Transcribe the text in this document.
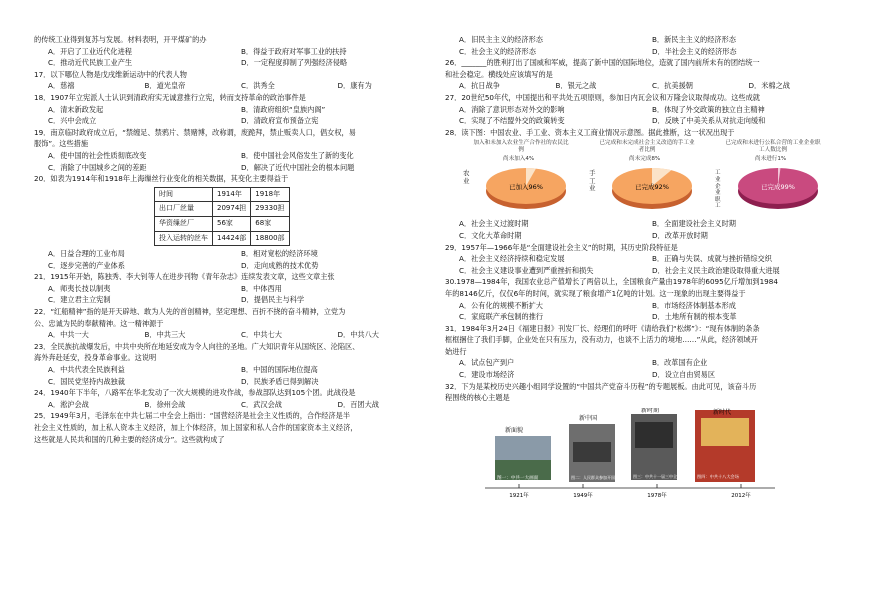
的传统工业得到复苏与发展。材料表明，开平煤矿的办

A．开启了工业近代化进程	B．得益于政府对军事工业的扶持
C．推动近代民族工业产生	D．一定程度抑制了列强经济侵略

17．以下哪位人物是戊戌维新运动中的代表人物

A．慈禧	B．道光皇帝	C．洪秀全	D．康有为

18．1907年立宪派人士认识到清政府实无诚意推行立宪，转而支持革命的政治事件是

A．清末新政发起	B．清政府组织“皇族内阁”
C．兴中会成立	D．清政府宣布预备立宪

19．南京临时政府成立后，“禁缠足、禁鸦片、禁赌博，改称谓，废跪拜，禁止贩卖人口，倡女权，易

服饰”。这些措施

A．使中国的社会性质彻底改变	B．使中国社会风俗发生了新的变化
C．消除了中国城乡之间的差距	D．解决了近代中国社会的根本问题

20．如表为1914年和1918年上海缫丝行业变化的相关数据，其变化主要得益于

时间	1914年	1918年
出口厂丝量	20974担	29330担
华资缫丝厂	56家	68家
投入运转的丝车	14424部	18800部
A．日益合理的工业布局	B．相对宽松的经济环境
C．逐步完善的产业体系	D．走向成熟的技术优势

21．1915年开始，陈独秀、李大钊等人在进步刊物《青年杂志》连续发表文章，这些文章主张

A．师夷长技以制夷	B．中体西用
C．建立君主立宪制	D．提倡民主与科学

22．“红船精神”指的是开天辟地、敢为人先的首创精神，坚定理想、百折不挠的奋斗精神，立党为

公、忠诚为民的奉献精神。这一精神源于

A．中共一大	B．中共三大	C．中共七大	D．中共八大

23．全民族抗战爆发后，中共中央所在地延安成为令人向往的圣地。广大知识青年从国统区、沦陷区、

海外奔赴延安，投身革命事业。这说明

A．中共代表全民族利益	B．中国的国际地位提高
C．国民党坚持内战独裁	D．民族矛盾已得到解决

24．1940年下半年，八路军在华北发动了一次大规模的进攻作战，参战部队达到105个团。此战役是

A．淞沪会战	B．徐州会战	C．武汉会战	D．百团大战

25．1949年3月，毛泽东在中共七届二中全会上指出：“国营经济是社会主义性质的，合作经济是半

社会主义性质的，加上私人资本主义经济，加上个体经济，加上国家和私人合作的国家资本主义经济，

这些就是人民共和国的几种主要的经济成分”。这些就构成了

A．旧民主主义的经济形态	B．新民主主义的经济形态
C．社会主义的经济形态	D．半社会主义的经济形态

26．_______的胜利打出了国威和军威，提高了新中国的国际地位，造就了国内前所未有的团结统一

和社会稳定。横线处应该填写的是

A．抗日战争	B．银元之战	C．抗美援朝	D．米棉之战

27．20世纪50年代，中国提出和平共处五项原则，参加日内瓦会议和万隆会议取得成功。这些成就

A．消除了意识形态对外交的影响	B．体现了外交政策的独立自主精神
C．实现了不结盟外交的政策转变	D．反映了中美关系从对抗走向缓和

28．读下图：中国农业、手工业、资本主义工商业情况示意图。据此推断，这一状况出现于

加入和未加入农业生产合作社的农民比例
尚未加入4%
农业
已加入96%
已完成和未完成社会主义改造的手工业者比例
尚未完成8%
手工业	已完成92%
已完成和未进行公私合营的工业企业职工人数比例
尚未进行1%
工业企业职工
已完成99%
A．社会主义过渡时期	B．全面建设社会主义时期
C．文化大革命时期	D．改革开放时期

29．1957年—1966年是“全面建设社会主义”的时期，其历史阶段特征是

A．社会主义经济持续和稳定发展	B．正确与失误、成就与挫折错综交织
C．社会主义建设事业遭到严重挫折和损失	D．社会主义民主政治建设取得重大进展

30.1978—1984年，我国农业总产值增长了两倍以上，全国粮食产量由1978年的6095亿斤增加到1984

年的8146亿斤，仅仅6年的时间，就实现了粮食增产1亿吨的计划。这一现象的出现主要得益于

A．公有化的规模不断扩大	B．市场经济体制基本形成
C．家庭联产承包制的推行	D．土地所有制的根本变革

31．1984年3月24日《福建日报》刊发厂长、经理们的呼吁《请给我们“松绑”》：“现有体制的条条

框框捆住了我们手脚，企业处在只有压力，没有动力，也谈不上活力的境地……”从此，经济领域开

始进行

A．试点包产到户	B．改革国有企业
C．建设市场经济	D．设立自由贸易区

32．下为是某校历史兴趣小组同学设置的“中国共产党奋斗历程”的专题展板。由此可见，该奋斗历

程围绕的核心主题是

新面貌
新中国
新时期	新时代
图一：中共一大画面	图二：人民群众参加开国大典	图三：中共十一届三中全会	图四：中共十八大会场
1921年	1949年	1978年	2012年
